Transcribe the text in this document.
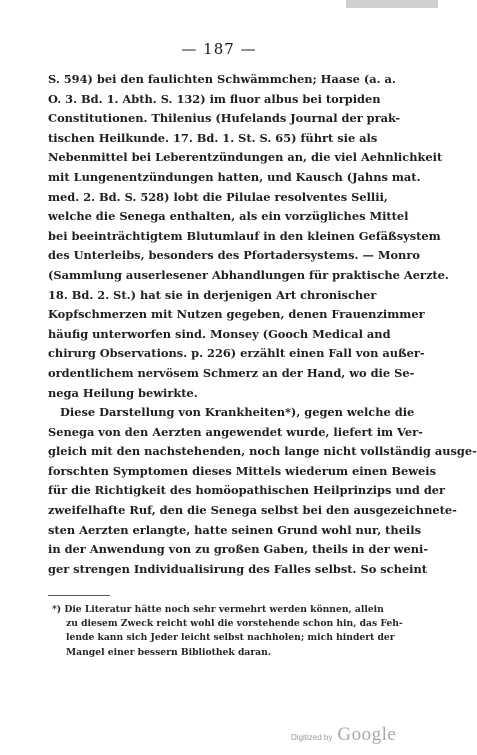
— 187 —
S. 594) bei den faulichten Schwämmchen; Haase (a. a.
O. 3. Bd. 1. Abth. S. 132) im fluor albus bei torpiden
Constitutionen. Thilenius (Hufelands Journal der prak-
tischen Heilkunde. 17. Bd. 1. St. S. 65) führt sie als
Nebenmittel bei Leberentzündungen an, die viel Aehnlichkeit
mit Lungenentzündungen hatten, und Kausch (Jahns mat.
med. 2. Bd. S. 528) lobt die Pilulae resolventes Sellii,
welche die Senega enthalten, als ein vorzügliches Mittel
bei beeinträchtigtem Blutumlauf in den kleinen Gefäßsystem
des Unterleibs, besonders des Pfortadersystems. — Monro
(Sammlung auserlesener Abhandlungen für praktische Aerzte.
18. Bd. 2. St.) hat sie in derjenigen Art chronischer
Kopfschmerzen mit Nutzen gegeben, denen Frauenzimmer
häufig unterworfen sind. Monsey (Gooch Medical and
chirurg Observations. p. 226) erzählt einen Fall von außer-
ordentlichem nervösem Schmerz an der Hand, wo die Se-
nega Heilung bewirkte.
Diese Darstellung von Krankheiten*), gegen welche die
Senega von den Aerzten angewendet wurde, liefert im Ver-
gleich mit den nachstehenden, noch lange nicht vollständig ausge-
forschten Symptomen dieses Mittels wiederum einen Beweis
für die Richtigkeit des homöopathischen Heilprinzips und der
zweifelhafte Ruf, den die Senega selbst bei den ausgezeichnete-
sten Aerzten erlangte, hatte seinen Grund wohl nur, theils
in der Anwendung von zu großen Gaben, theils in der weni-
ger strengen Individualisirung des Falles selbst. So scheint
*) Die Literatur hätte noch sehr vermehrt werden können, allein
zu diesem Zweck reicht wohl die vorstehende schon hin, das Feh-
lende kann sich Jeder leicht selbst nachholen; mich hindert der
Mangel einer bessern Bibliothek daran.
Digitized by Google
